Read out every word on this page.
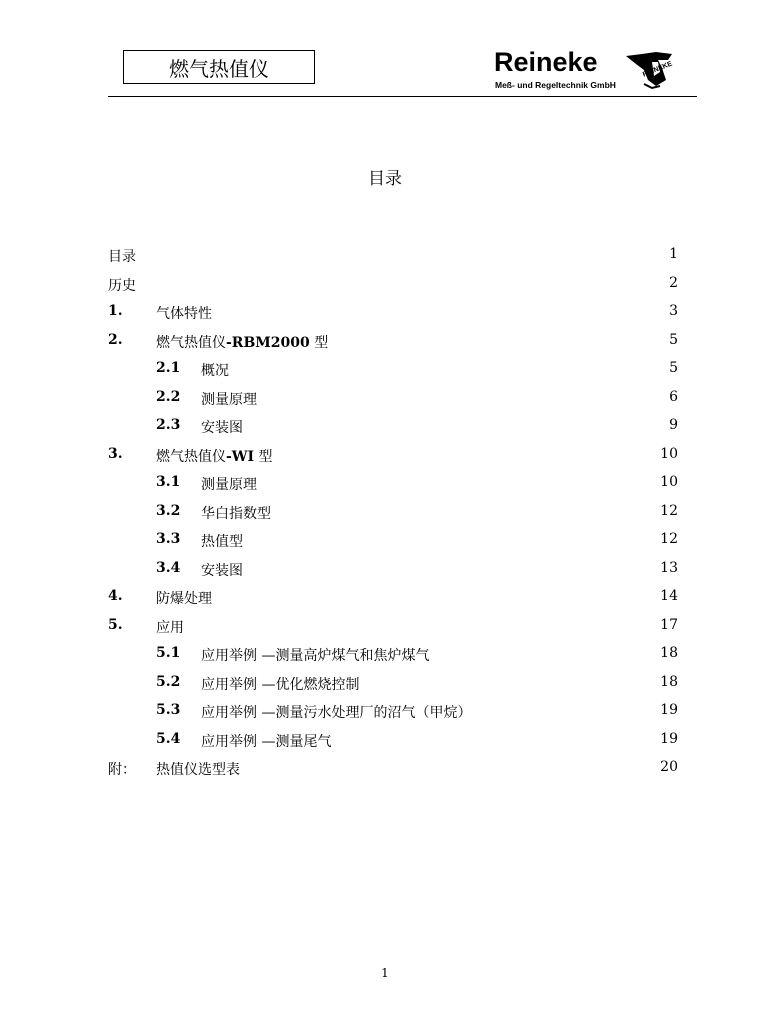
燃气热值仪	Reineke
Meß- und Regeltechnik GmbH
REINEKE
目录
目录	1
历史	2
1. 气体特性	3
2. 燃气热值仪-RBM2000 型	5
2.1 概况	5
2.2 测量原理	6
2.3 安装图	9
3. 燃气热值仪-WI 型	10
3.1 测量原理	10
3.2 华白指数型	12
3.3 热值型	12
3.4 安装图	13
4. 防爆处理	14
5. 应用	17
5.1 应用举例 —测量高炉煤气和焦炉煤气	18
5.2 应用举例 —优化燃烧控制	18
5.3 应用举例 —测量污水处理厂的沼气（甲烷）	19
5.4 应用举例 —测量尾气	19
附： 热值仪选型表	20
1
